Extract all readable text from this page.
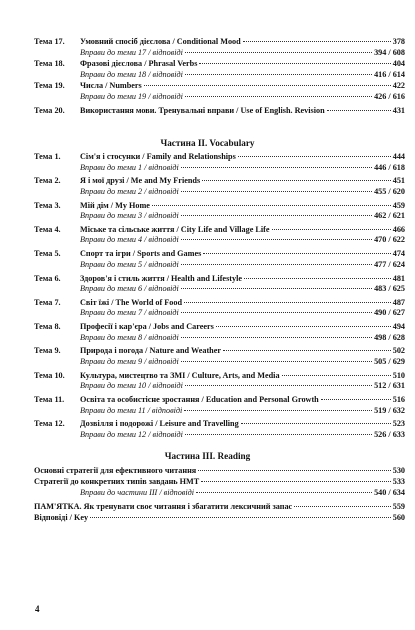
Тема 17. Умовний спосіб дієслова / Conditional Mood	378
Вправи до теми 17 / відповіді	394 / 608
Тема 18. Фразові дієслова / Phrasal Verbs	404
Вправи до теми 18 / відповіді	416 / 614
Тема 19. Числа / Numbers	422
Вправи до теми 19 / відповіді	426 / 616
Тема 20. Використання мови. Тренувальні вправи / Use of English. Revision	431
Частина II. Vocabulary
Тема 1. Сім'я і стосунки / Family and Relationships	444
Вправи до теми 1 / відповіді	446 / 618
Тема 2. Я і мої друзі / Me and My Friends	451
Вправи до теми 2 / відповіді	455 / 620
Тема 3. Мій дім / My Home	459
Вправи до теми 3 / відповіді	462 / 621
Тема 4. Міське та сільське життя / City Life and Village Life	466
Вправи до теми 4 / відповіді	470 / 622
Тема 5. Спорт та ігри / Sports and Games	474
Вправи до теми 5 / відповіді	477 / 624
Тема 6. Здоров'я і стиль життя / Health and Lifestyle	481
Вправи до теми 6 / відповіді	483 / 625
Тема 7. Світ їжі / The World of Food	487
Вправи до теми 7 / відповіді	490 / 627
Тема 8. Професії і кар'єра / Jobs and Careers	494
Вправи до теми 8 / відповіді	498 / 628
Тема 9. Природа і погода / Nature and Weather	502
Вправи до теми 9 / відповіді	505 / 629
Тема 10. Культура, мистецтво та ЗМІ / Culture, Arts, and Media	510
Вправи до теми 10 / відповіді	512 / 631
Тема 11. Освіта та особистісне зростання / Education and Personal Growth	516
Вправи до теми 11 / відповіді	519 / 632
Тема 12. Дозвілля і подорожі / Leisure and Travelling	523
Вправи до теми 12 / відповіді	526 / 633
Частина III. Reading
Основні стратегії для ефективного читання	530
Стратегії до конкретних типів завдань НМТ	533
Вправи до частини III / відповіді	540 / 634
ПАМ'ЯТКА. Як тренувати своє читання і збагатити лексичний запас	559
Відповіді / Key	560
4
